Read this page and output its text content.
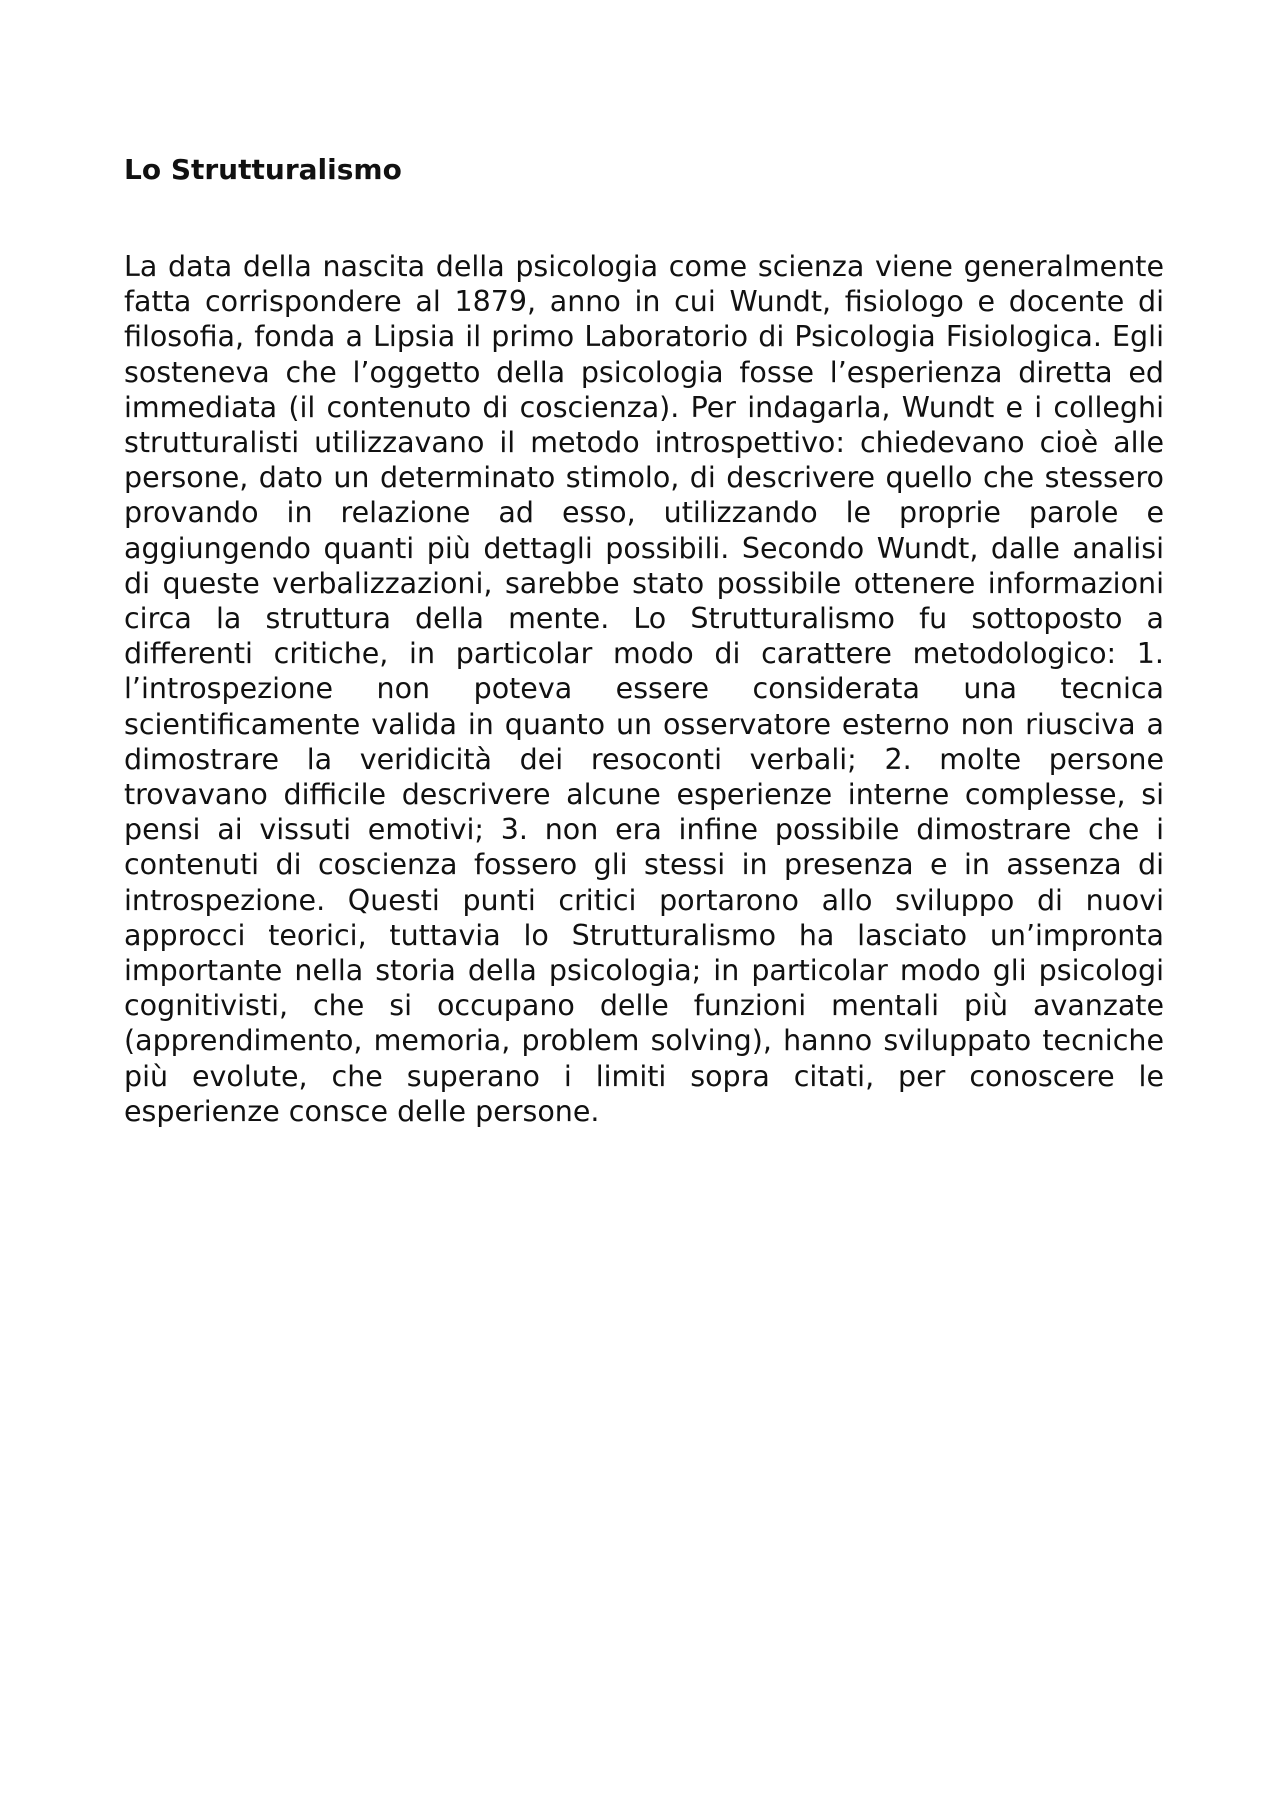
Lo Strutturalismo

La data della nascita della psicologia come scienza viene generalmente fatta corrispondere al 1879, anno in cui Wundt, fisiologo e docente di filosofia, fonda a Lipsia il primo Laboratorio di Psicologia Fisiologica. Egli sosteneva che l’oggetto della psicologia fosse l’esperienza diretta ed immediata (il contenuto di coscienza). Per indagarla, Wundt e i colleghi strutturalisti utilizzavano il metodo introspettivo: chiedevano cioè alle persone, dato un determinato stimolo, di descrivere quello che stessero provando in relazione ad esso, utilizzando le proprie parole e aggiungendo quanti più dettagli possibili. Secondo Wundt, dalle analisi di queste verbalizzazioni, sarebbe stato possibile ottenere informazioni circa la struttura della mente. Lo Strutturalismo fu sottoposto a differenti critiche, in particolar modo di carattere metodologico: 1. l’introspezione non poteva essere considerata una tecnica scientificamente valida in quanto un osservatore esterno non riusciva a dimostrare la veridicità dei resoconti verbali; 2. molte persone trovavano difficile descrivere alcune esperienze interne complesse, si pensi ai vissuti emotivi; 3. non era infine possibile dimostrare che i contenuti di coscienza fossero gli stessi in presenza e in assenza di introspezione. Questi punti critici portarono allo sviluppo di nuovi approcci teorici, tuttavia lo Strutturalismo ha lasciato un’impronta importante nella storia della psicologia; in particolar modo gli psicologi cognitivisti, che si occupano delle funzioni mentali più avanzate (apprendimento, memoria, problem solving), hanno sviluppato tecniche più evolute, che superano i limiti sopra citati, per conoscere le esperienze consce delle persone.
